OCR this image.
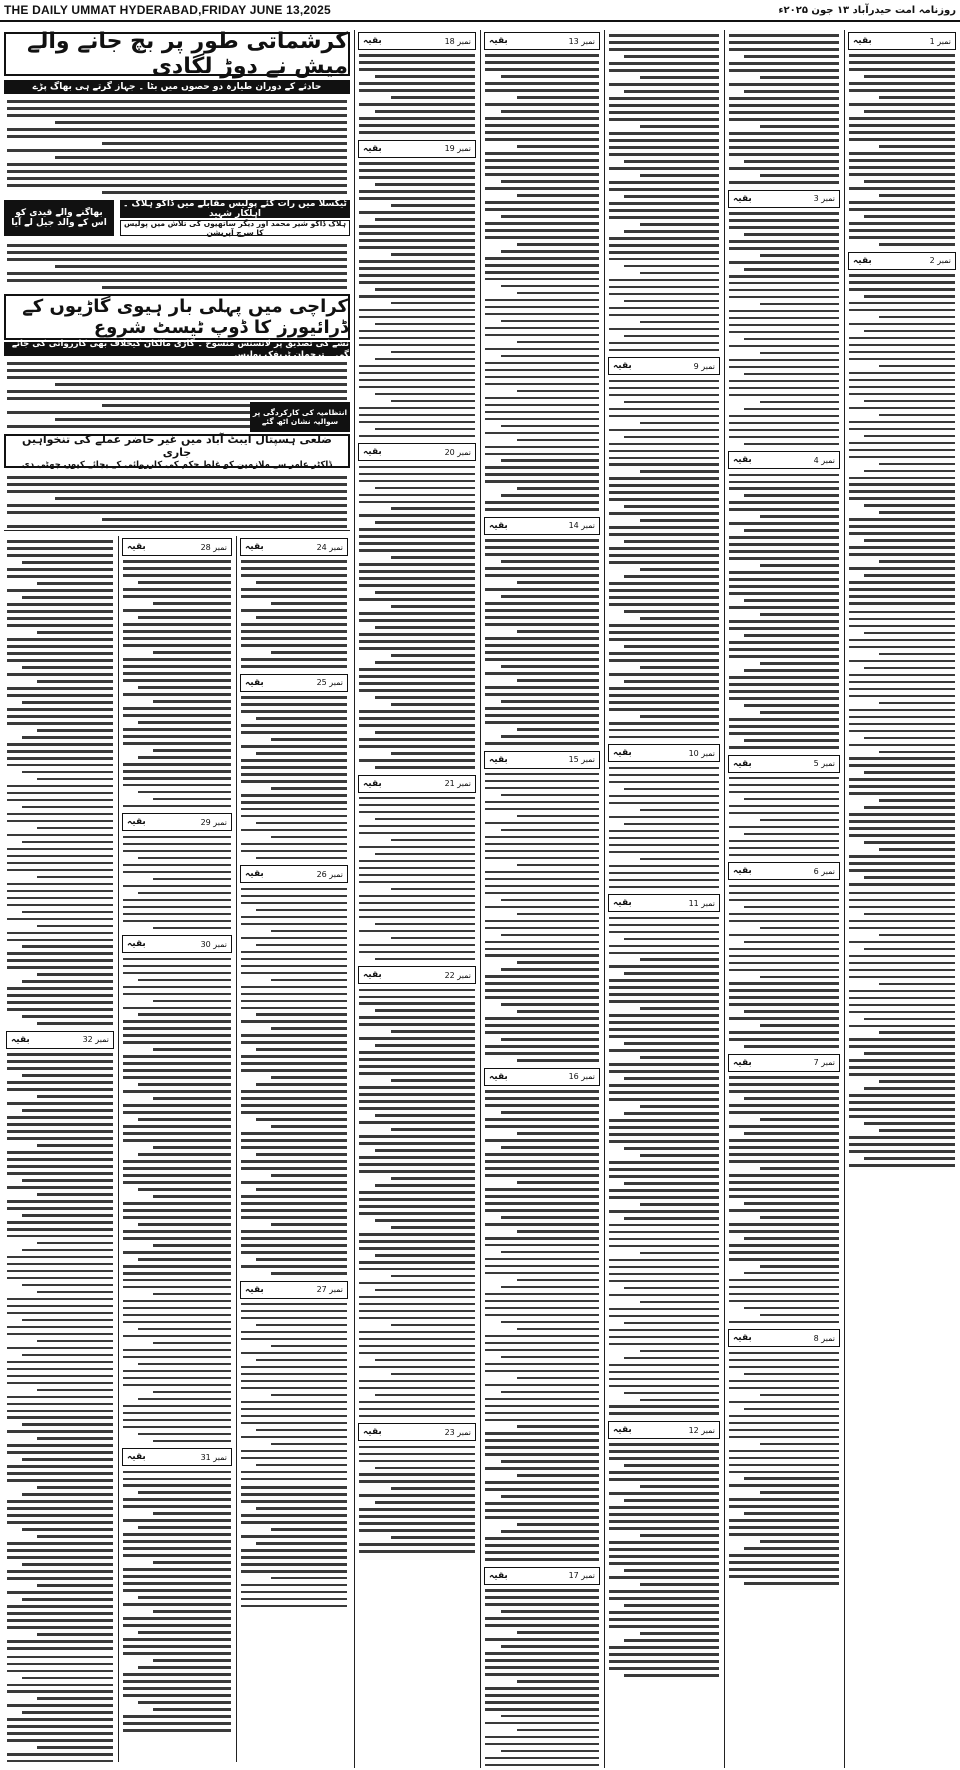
THE DAILY UMMAT HYDERABAD,FRIDAY JUNE 13,2025	روزنامہ امت حیدرآباد ۱۳ جون ۲۰۲۵ء
کرشماتی طور پر بچ جانے والے میش نے دوڑ لگادی
حادثے کے دوران طیارہ دو حصوں میں بٹا ۔ جہاز گرتے ہی بھاگ پڑے
بھاگنے والے قیدی کو
اس کے والد جیل لے آیا
ٹیکسلا میں رات گئے پولیس مقابلے میں ڈاکو ہلاک ۔ اہلکار شہید
ہلاک ڈاکو شیر محمد اور دیگر ساتھیوں کی تلاش میں پولیس کا سرچ آپریشن
کراچی میں پہلی بار ہیوی گاڑیوں کے ڈرائیورز کا ڈوپ ٹیسٹ شروع
نشے کی تصدیق پر لائسنس منسوخ ۔ گاڑی مالکان کیخلاف بھی کارروائی کی جائے گی ۔ ترجمان ٹریفک پولیس
ضلعی ہسپتال ایبٹ آباد میں غیر حاضر عملے کی تنخواہیں جاری
ڈاکٹر عامر سے ملازمین کو غلط حکم کی کارروائی کے بجائے کیوں چھٹی دی
انتظامیہ کی کارکردگی پر
سوالیہ نشان اٹھ گئے
نمبر 32
بقیہ
نمبر 28
بقیہ
نمبر 29
بقیہ
نمبر 30
بقیہ
نمبر 31
بقیہ
نمبر 24
بقیہ
نمبر 25
بقیہ
نمبر 26
بقیہ
نمبر 27
بقیہ
نمبر 18
بقیہ
نمبر 19
بقیہ
نمبر 20
بقیہ
نمبر 21
بقیہ
نمبر 22
بقیہ
نمبر 23
بقیہ
نمبر 13
بقیہ
نمبر 14
بقیہ
نمبر 15
بقیہ
نمبر 16
بقیہ
نمبر 17
بقیہ
نمبر 9
بقیہ
نمبر 10
بقیہ
نمبر 11
بقیہ
نمبر 12
بقیہ
نمبر 3
بقیہ
نمبر 4
بقیہ
نمبر 5
بقیہ
نمبر 6
بقیہ
نمبر 7
بقیہ
نمبر 8
بقیہ
نمبر 1
بقیہ
نمبر 2
بقیہ
